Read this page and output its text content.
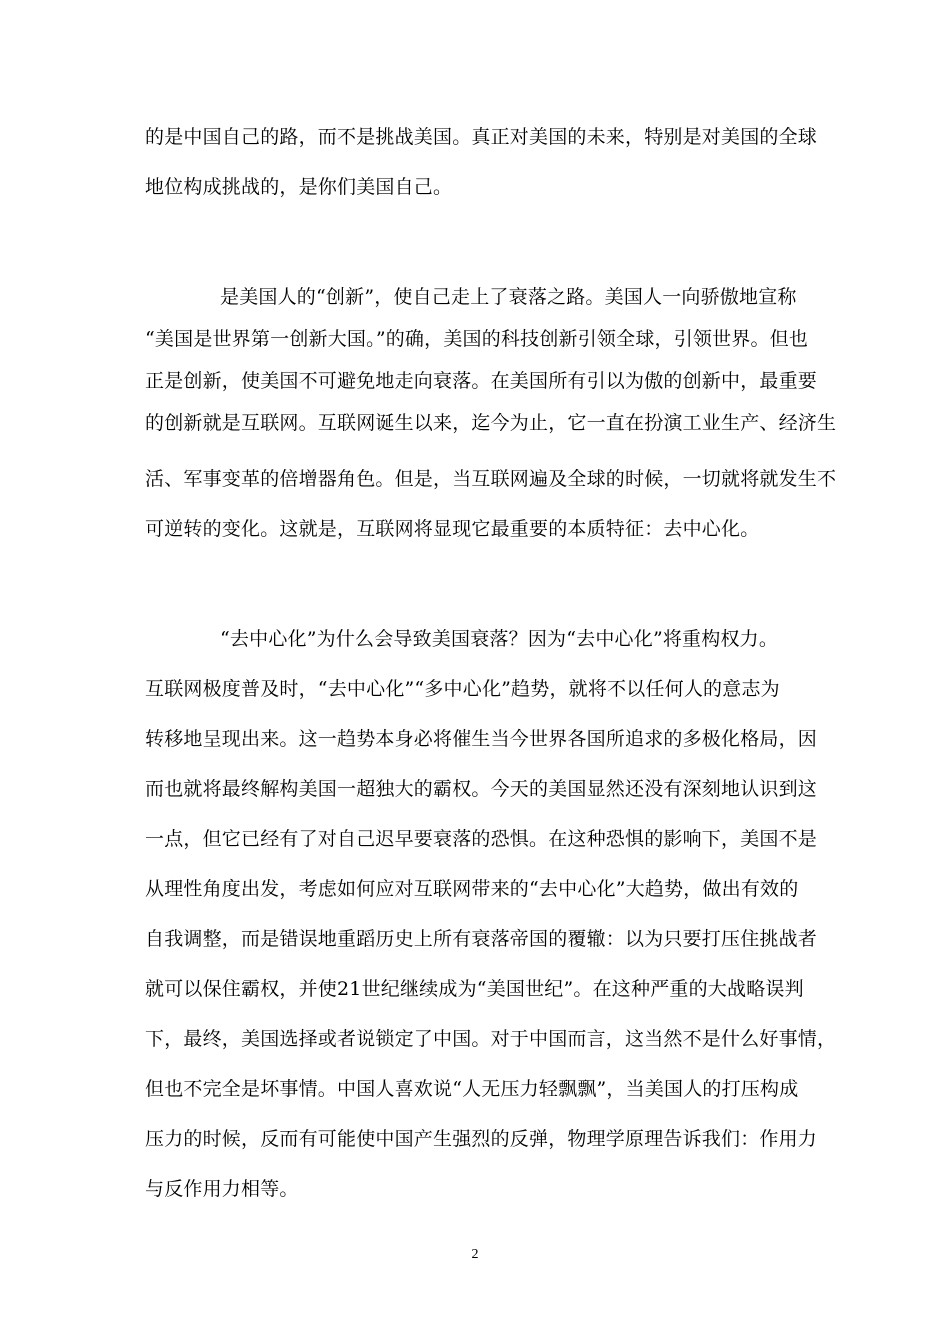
的是中国自己的路，而不是挑战美国。真正对美国的未来，特别是对美国的全球
地位构成挑战的，是你们美国自己。
是美国人的“创新”，使自己走上了衰落之路。美国人一向骄傲地宣称
“美国是世界第一创新大国。”的确，美国的科技创新引领全球，引领世界。但也
正是创新，使美国不可避免地走向衰落。在美国所有引以为傲的创新中，最重要
的创新就是互联网。互联网诞生以来，迄今为止，它一直在扮演工业生产、经济生
活、军事变革的倍增器角色。但是，当互联网遍及全球的时候，一切就将就发生不
可逆转的变化。这就是，互联网将显现它最重要的本质特征：去中心化。
“去中心化”为什么会导致美国衰落？因为“去中心化”将重构权力。
互联网极度普及时，“去中心化”“多中心化”趋势，就将不以任何人的意志为
转移地呈现出来。这一趋势本身必将催生当今世界各国所追求的多极化格局，因
而也就将最终解构美国一超独大的霸权。今天的美国显然还没有深刻地认识到这
一点，但它已经有了对自己迟早要衰落的恐惧。在这种恐惧的影响下，美国不是
从理性角度出发，考虑如何应对互联网带来的“去中心化”大趋势，做出有效的
自我调整，而是错误地重蹈历史上所有衰落帝国的覆辙：以为只要打压住挑战者
就可以保住霸权，并使21世纪继续成为“美国世纪”。在这种严重的大战略误判
下，最终，美国选择或者说锁定了中国。对于中国而言，这当然不是什么好事情，
但也不完全是坏事情。中国人喜欢说“人无压力轻飘飘”，当美国人的打压构成
压力的时候，反而有可能使中国产生强烈的反弹，物理学原理告诉我们：作用力
与反作用力相等。
2
